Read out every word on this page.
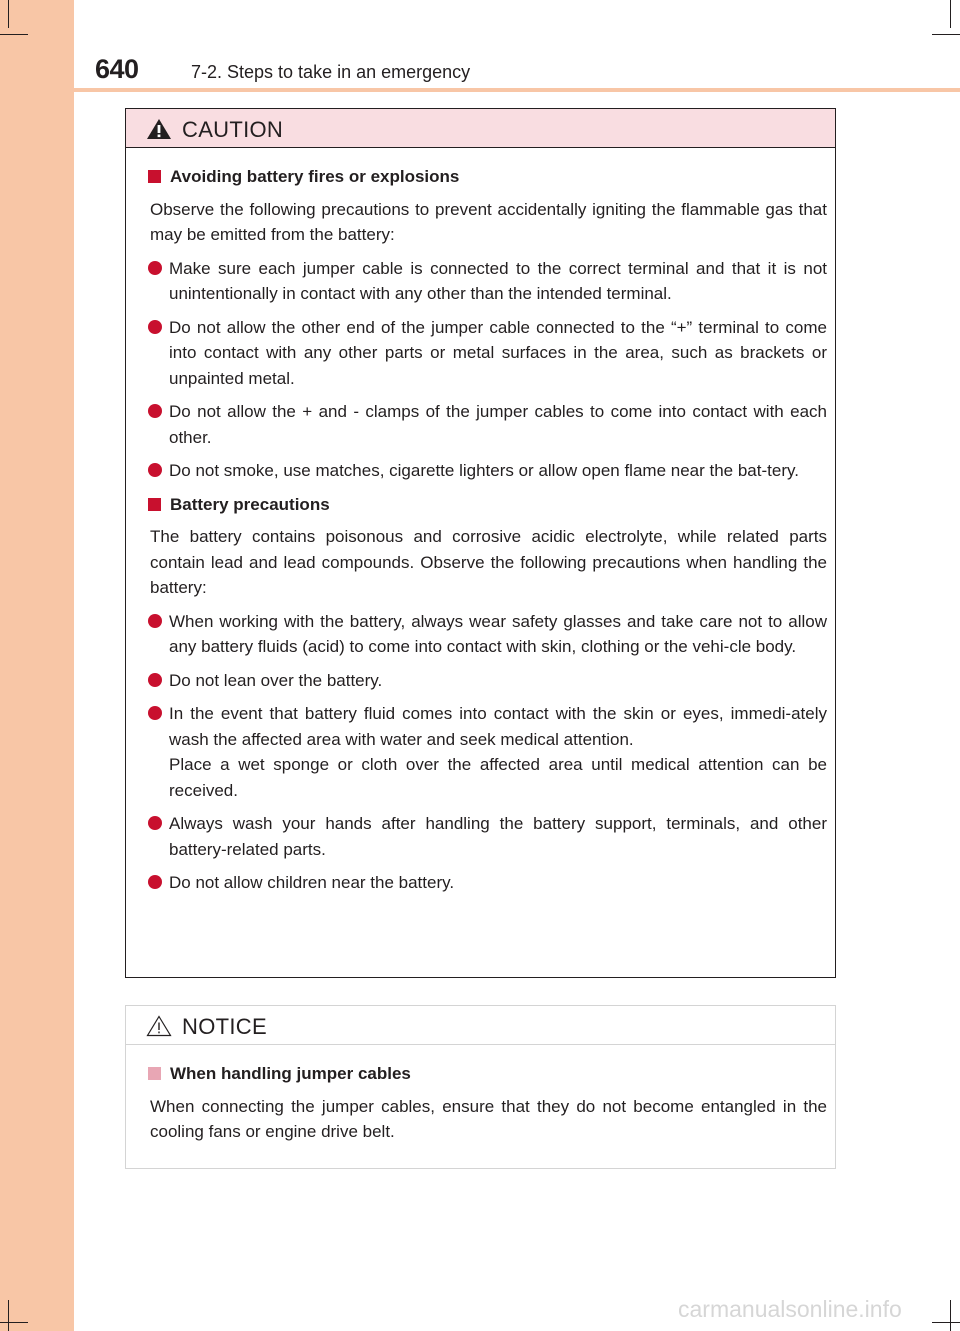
640	7-2. Steps to take in an emergency
CAUTION
Avoiding battery fires or explosions
Observe the following precautions to prevent accidentally igniting the flammable gas that may be emitted from the battery:
Make sure each jumper cable is connected to the correct terminal and that it is not unintentionally in contact with any other than the intended terminal.
Do not allow the other end of the jumper cable connected to the “+” terminal to come into contact with any other parts or metal surfaces in the area, such as brackets or unpainted metal.
Do not allow the + and - clamps of the jumper cables to come into contact with each other.
Do not smoke, use matches, cigarette lighters or allow open flame near the bat-tery.
Battery precautions
The battery contains poisonous and corrosive acidic electrolyte, while related parts contain lead and lead compounds. Observe the following precautions when handling the battery:
When working with the battery, always wear safety glasses and take care not to allow any battery fluids (acid) to come into contact with skin, clothing or the vehi-cle body.
Do not lean over the battery.
In the event that battery fluid comes into contact with the skin or eyes, immedi-ately wash the affected area with water and seek medical attention.
Place a wet sponge or cloth over the affected area until medical attention can be received.
Always wash your hands after handling the battery support, terminals, and other battery-related parts.
Do not allow children near the battery.
NOTICE
When handling jumper cables
When connecting the jumper cables, ensure that they do not become entangled in the cooling fans or engine drive belt.
carmanualsonline.info
